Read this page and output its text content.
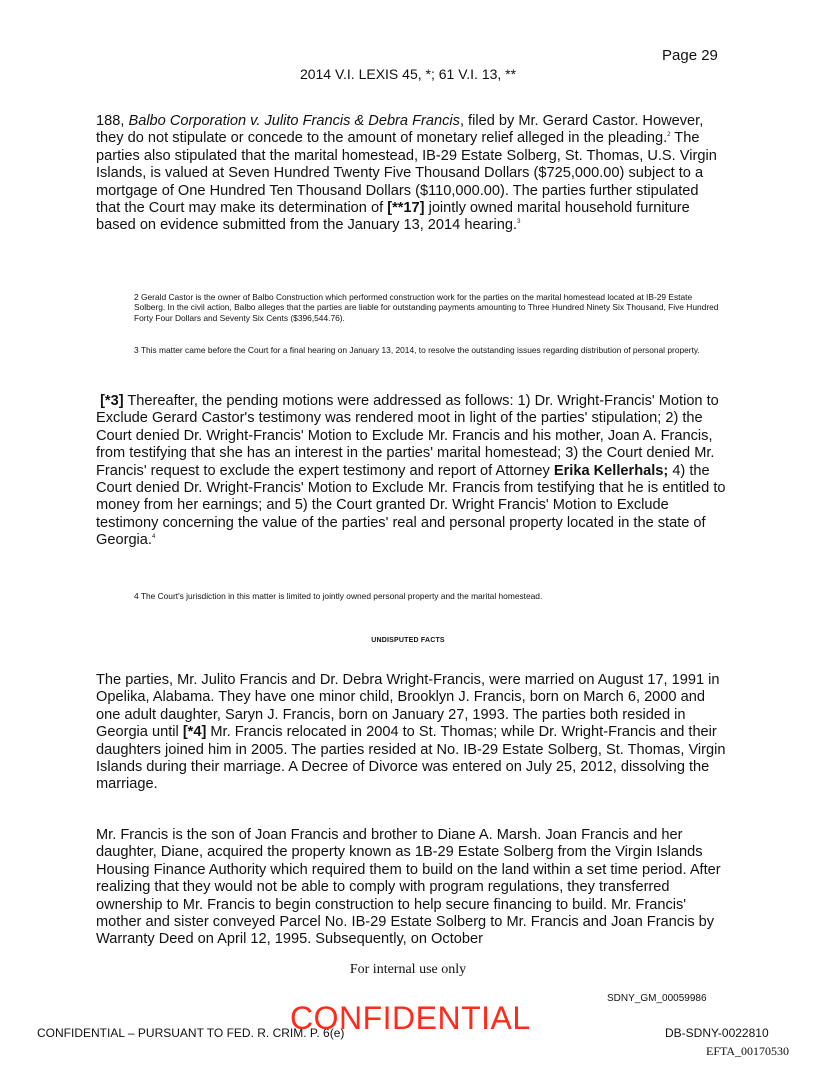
Page 29
2014 V.I. LEXIS 45, *; 61 V.I. 13, **

188, Balbo Corporation v. Julito Francis & Debra Francis, filed by Mr. Gerard Castor. However, they do not stipulate or concede to the amount of monetary relief alleged in the pleading.$^2$ The parties also stipulated that the marital homestead, IB-29 Estate Solberg, St. Thomas, U.S. Virgin Islands, is valued at Seven Hundred Twenty Five Thousand Dollars ($725,000.00) subject to a mortgage of One Hundred Ten Thousand Dollars ($110,000.00). The parties further stipulated that the Court may make its determination of [**17] jointly owned marital household furniture based on evidence submitted from the January 13, 2014 hearing.$^3$

2 Gerald Castor is the owner of Balbo Construction which performed construction work for the parties on the marital homestead located at IB-29 Estate Solberg. In the civil action, Balbo alleges that the parties are liable for outstanding payments amounting to Three Hundred Ninety Six Thousand, Five Hundred Forty Four Dollars and Seventy Six Cents ($396,544.76).
3 This matter came before the Court for a final hearing on January 13, 2014, to resolve the outstanding issues regarding distribution of personal property.

[*3] Thereafter, the pending motions were addressed as follows: 1) Dr. Wright-Francis' Motion to Exclude Gerard Castor's testimony was rendered moot in light of the parties' stipulation; 2) the Court denied Dr. Wright-Francis' Motion to Exclude Mr. Francis and his mother, Joan A. Francis, from testifying that she has an interest in the parties' marital homestead; 3) the Court denied Mr. Francis' request to exclude the expert testimony and report of Attorney Erika Kellerhals; 4) the Court denied Dr. Wright-Francis' Motion to Exclude Mr. Francis from testifying that he is entitled to money from her earnings; and 5) the Court granted Dr. Wright Francis' Motion to Exclude testimony concerning the value of the parties' real and personal property located in the state of Georgia.$^4$

4 The Court's jurisdiction in this matter is limited to jointly owned personal property and the marital homestead.
UNDISPUTED FACTS

The parties, Mr. Julito Francis and Dr. Debra Wright-Francis, were married on August 17, 1991 in Opelika, Alabama. They have one minor child, Brooklyn J. Francis, born on March 6, 2000 and one adult daughter, Saryn J. Francis, born on January 27, 1993. The parties both resided in Georgia until [*4] Mr. Francis relocated in 2004 to St. Thomas; while Dr. Wright-Francis and their daughters joined him in 2005. The parties resided at No. IB-29 Estate Solberg, St. Thomas, Virgin Islands during their marriage. A Decree of Divorce was entered on July 25, 2012, dissolving the marriage.

Mr. Francis is the son of Joan Francis and brother to Diane A. Marsh. Joan Francis and her daughter, Diane, acquired the property known as 1B-29 Estate Solberg from the Virgin Islands Housing Finance Authority which required them to build on the land within a set time period. After realizing that they would not be able to comply with program regulations, they transferred ownership to Mr. Francis to begin construction to help secure financing to build. Mr. Francis' mother and sister conveyed Parcel No. IB-29 Estate Solberg to Mr. Francis and Joan Francis by Warranty Deed on April 12, 1995. Subsequently, on October

For internal use only
SDNY_GM_00059986
CONFIDENTIAL – PURSUANT TO FED. R. CRIM. P. 6(e)
CONFIDENTIAL	DB-SDNY-0022810
EFTA_00170530
